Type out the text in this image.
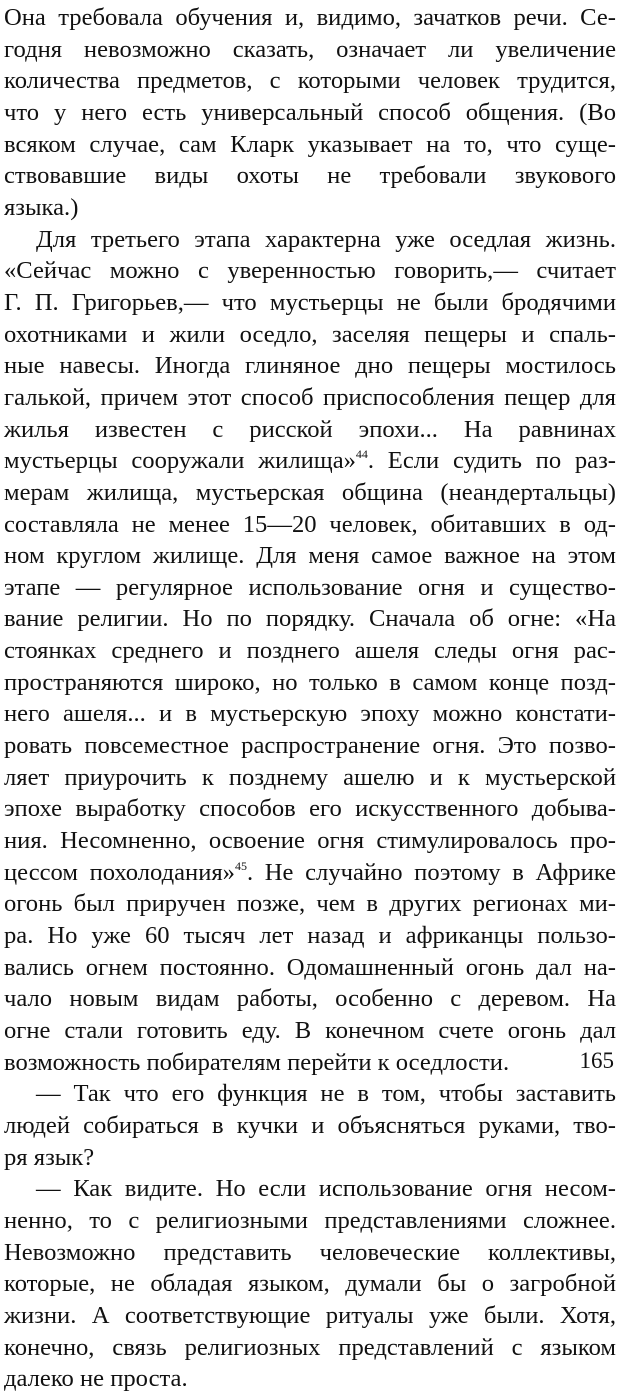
Она требовала обучения и, видимо, зачатков речи. Се-
годня невозможно сказать, означает ли увеличение
количества предметов, с которыми человек трудится,
что у него есть универсальный способ общения. (Во
всяком случае, сам Кларк указывает на то, что суще-
ствовавшие виды охоты не требовали звукового
языка.)

Для третьего этапа характерна уже оседлая жизнь.
«Сейчас можно с уверенностью говорить,— считает
Г. П. Григорьев,— что мустьерцы не были бродячими
охотниками и жили оседло, заселяя пещеры и спаль-
ные навесы. Иногда глиняное дно пещеры мостилось
галькой, причем этот способ приспособления пещер для
жилья известен с рисской эпохи... На равнинах
мустьерцы сооружали жилища»$^{44}$. Если судить по раз-
мерам жилища, мустьерская община (неандертальцы)
составляла не менее 15—20 человек, обитавших в од-
ном круглом жилище. Для меня самое важное на этом
этапе — регулярное использование огня и существо-
вание религии. Но по порядку. Сначала об огне: «На
стоянках среднего и позднего ашеля следы огня рас-
пространяются широко, но только в самом конце позд-
него ашеля... и в мустьерскую эпоху можно констати-
ровать повсеместное распространение огня. Это позво-
ляет приурочить к позднему ашелю и к мустьерской
эпохе выработку способов его искусственного добыва-
ния. Несомненно, освоение огня стимулировалось про-
цессом похолодания»$^{45}$. Не случайно поэтому в Африке
огонь был приручен позже, чем в других регионах ми-
ра. Но уже 60 тысяч лет назад и африканцы пользо-
вались огнем постоянно. Одомашненный огонь дал на-
чало новым видам работы, особенно с деревом. На
огне стали готовить еду. В конечном счете огонь дал
возможность побирателям перейти к оседлости.

— Так что его функция не в том, чтобы заставить
людей собираться в кучки и объясняться руками, тво-
ря язык?

— Как видите. Но если использование огня несом-
ненно, то с религиозными представлениями сложнее.
Невозможно представить человеческие коллективы,
которые, не обладая языком, думали бы о загробной
жизни. А соответствующие ритуалы уже были. Хотя,
конечно, связь религиозных представлений с языком
далеко не проста.

165
